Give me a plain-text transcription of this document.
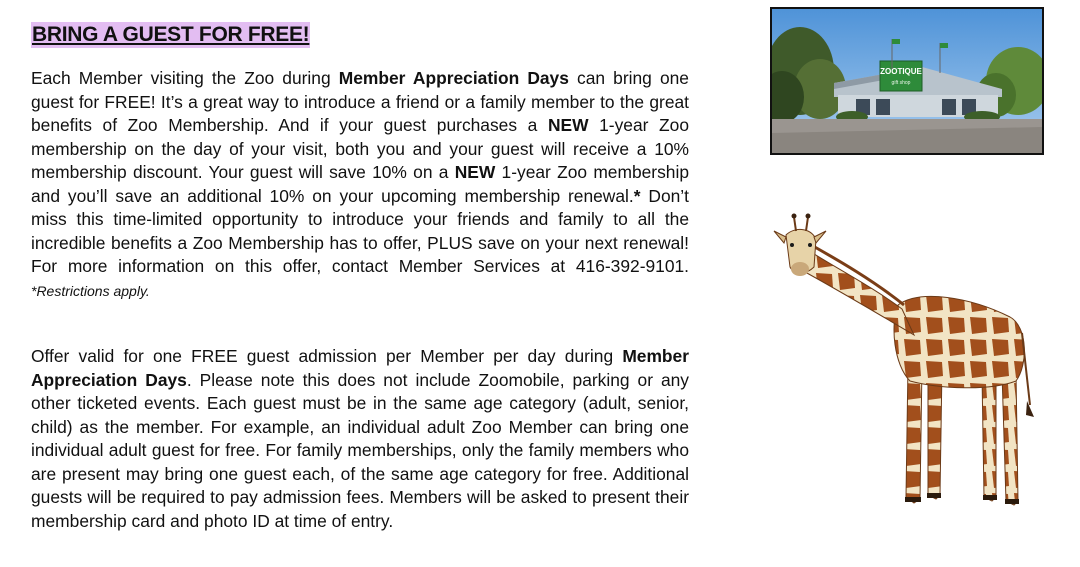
BRING A GUEST FOR FREE!

Each Member visiting the Zoo during Member Appreciation Days can bring one guest for FREE! It’s a great way to introduce a friend or a family member to the great benefits of Zoo Membership. And if your guest purchases a NEW 1-year Zoo membership on the day of your visit, both you and your guest will receive a 10% membership discount. Your guest will save 10% on a NEW 1-year Zoo membership and you’ll save an additional 10% on your upcoming membership renewal.* Don’t miss this time-limited opportunity to introduce your friends and family to all the incredible benefits a Zoo Membership has to offer, PLUS save on your next renewal! For more information on this offer, contact Member Services at 416-392-9101. *Restrictions apply.

Offer valid for one FREE guest admission per Member per day during Member Appreciation Days. Please note this does not include Zoomobile, parking or any other ticketed events. Each guest must be in the same age category (adult, senior, child) as the member. For example, an individual adult Zoo Member can bring one individual adult guest for free. For family memberships, only the family members who are present may bring one guest each, of the same age category for free. Additional guests will be required to pay admission fees. Members will be asked to present their membership card and photo ID at time of entry.

ZOOTIQUE
gift shop
